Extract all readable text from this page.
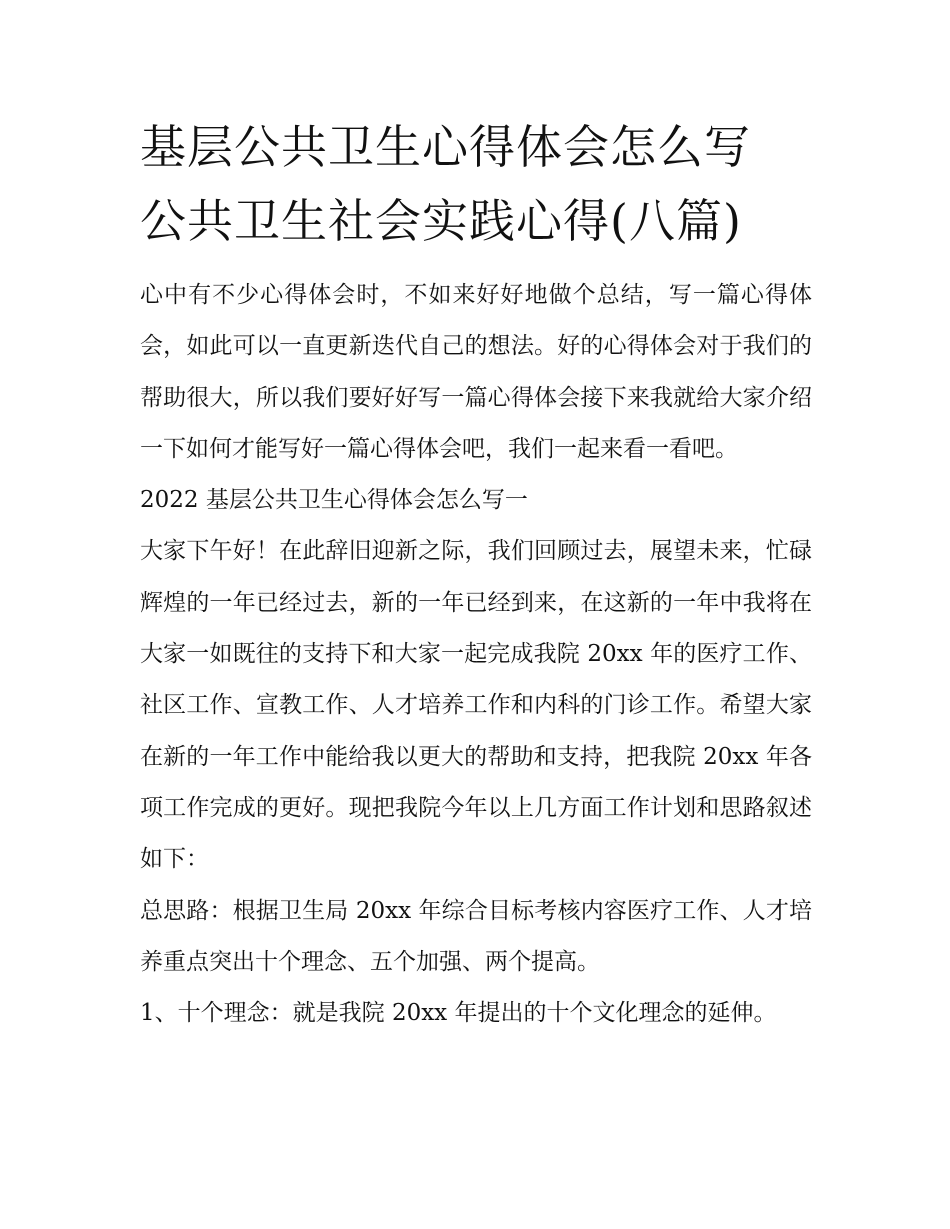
基层公共卫生心得体会怎么写
公共卫生社会实践心得(八篇)

心中有不少心得体会时，不如来好好地做个总结，写一篇心得体会，如此可以一直更新迭代自己的想法。好的心得体会对于我们的帮助很大，所以我们要好好写一篇心得体会接下来我就给大家介绍一下如何才能写好一篇心得体会吧，我们一起来看一看吧。

2022 基层公共卫生心得体会怎么写一

大家下午好！在此辞旧迎新之际，我们回顾过去，展望未来，忙碌辉煌的一年已经过去，新的一年已经到来，在这新的一年中我将在大家一如既往的支持下和大家一起完成我院 20xx 年的医疗工作、社区工作、宣教工作、人才培养工作和内科的门诊工作。希望大家在新的一年工作中能给我以更大的帮助和支持，把我院 20xx 年各项工作完成的更好。现把我院今年以上几方面工作计划和思路叙述如下：

总思路：根据卫生局 20xx 年综合目标考核内容医疗工作、人才培养重点突出十个理念、五个加强、两个提高。

1、十个理念：就是我院 20xx 年提出的十个文化理念的延伸。
